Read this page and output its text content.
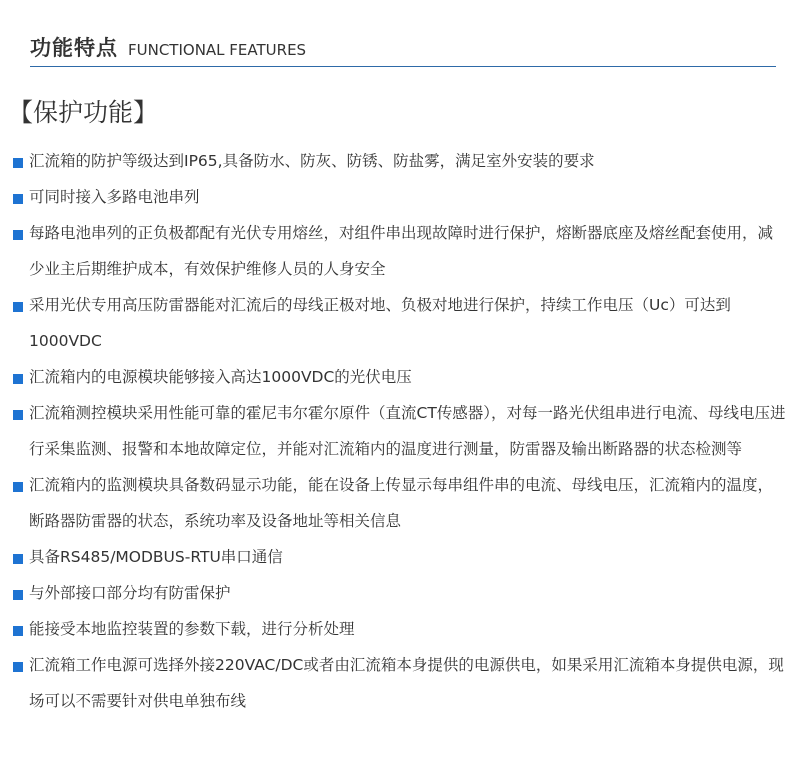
功能特点 FUNCTIONAL FEATURES
【保护功能】
汇流箱的防护等级达到IP65,具备防水、防灰、防锈、防盐雾，满足室外安装的要求
可同时接入多路电池串列
每路电池串列的正负极都配有光伏专用熔丝，对组件串出现故障时进行保护，熔断器底座及熔丝配套使用，减少业主后期维护成本，有效保护维修人员的人身安全
采用光伏专用高压防雷器能对汇流后的母线正极对地、负极对地进行保护，持续工作电压（Uc）可达到1000VDC
汇流箱内的电源模块能够接入高达1000VDC的光伏电压
汇流箱测控模块采用性能可靠的霍尼韦尔霍尔原件（直流CT传感器），对每一路光伏组串进行电流、母线电压进行采集监测、报警和本地故障定位，并能对汇流箱内的温度进行测量，防雷器及输出断路器的状态检测等
汇流箱内的监测模块具备数码显示功能，能在设备上传显示每串组件串的电流、母线电压，汇流箱内的温度，断路器防雷器的状态，系统功率及设备地址等相关信息
具备RS485/MODBUS-RTU串口通信
与外部接口部分均有防雷保护
能接受本地监控装置的参数下载，进行分析处理
汇流箱工作电源可选择外接220VAC/DC或者由汇流箱本身提供的电源供电，如果采用汇流箱本身提供电源，现场可以不需要针对供电单独布线
